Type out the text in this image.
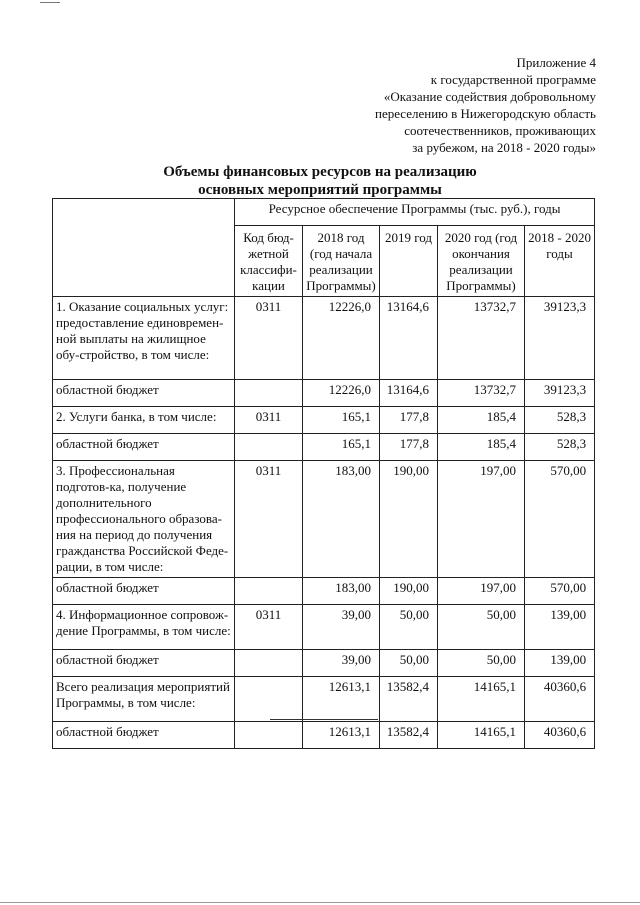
Приложение 4
к государственной программе
«Оказание содействия добровольному
переселению в Нижегородскую область
соотечественников, проживающих
за рубежом, на 2018 - 2020 годы»
Объемы финансовых ресурсов на реализацию
основных мероприятий программы
	Ресурсное обеспечение Программы (тыс. руб.), годы				
	Код бюд-жетной классифи-кации	2018 год (год начала реализации Программы)	2019 год	2020 год (год окончания реализации Программы)	2018 - 2020 годы
1. Оказание социальных услуг: предоставление единовремен-ной выплаты на жилищное обу-стройство, в том числе:	0311	12226,0	13164,6	13732,7	39123,3
областной бюджет		12226,0	13164,6	13732,7	39123,3
2. Услуги банка, в том числе:	0311	165,1	177,8	185,4	528,3
областной бюджет		165,1	177,8	185,4	528,3
3. Профессиональная подготов-ка, получение дополнительного профессионального образова-ния на период до получения гражданства Российской Феде-рации, в том числе:	0311	183,00	190,00	197,00	570,00
областной бюджет		183,00	190,00	197,00	570,00
4. Информационное сопровож-дение Программы, в том числе:	0311	39,00	50,00	50,00	139,00
областной бюджет		39,00	50,00	50,00	139,00
Всего реализация мероприятий Программы, в том числе:		12613,1	13582,4	14165,1	40360,6
областной бюджет		12613,1	13582,4	14165,1	40360,6
